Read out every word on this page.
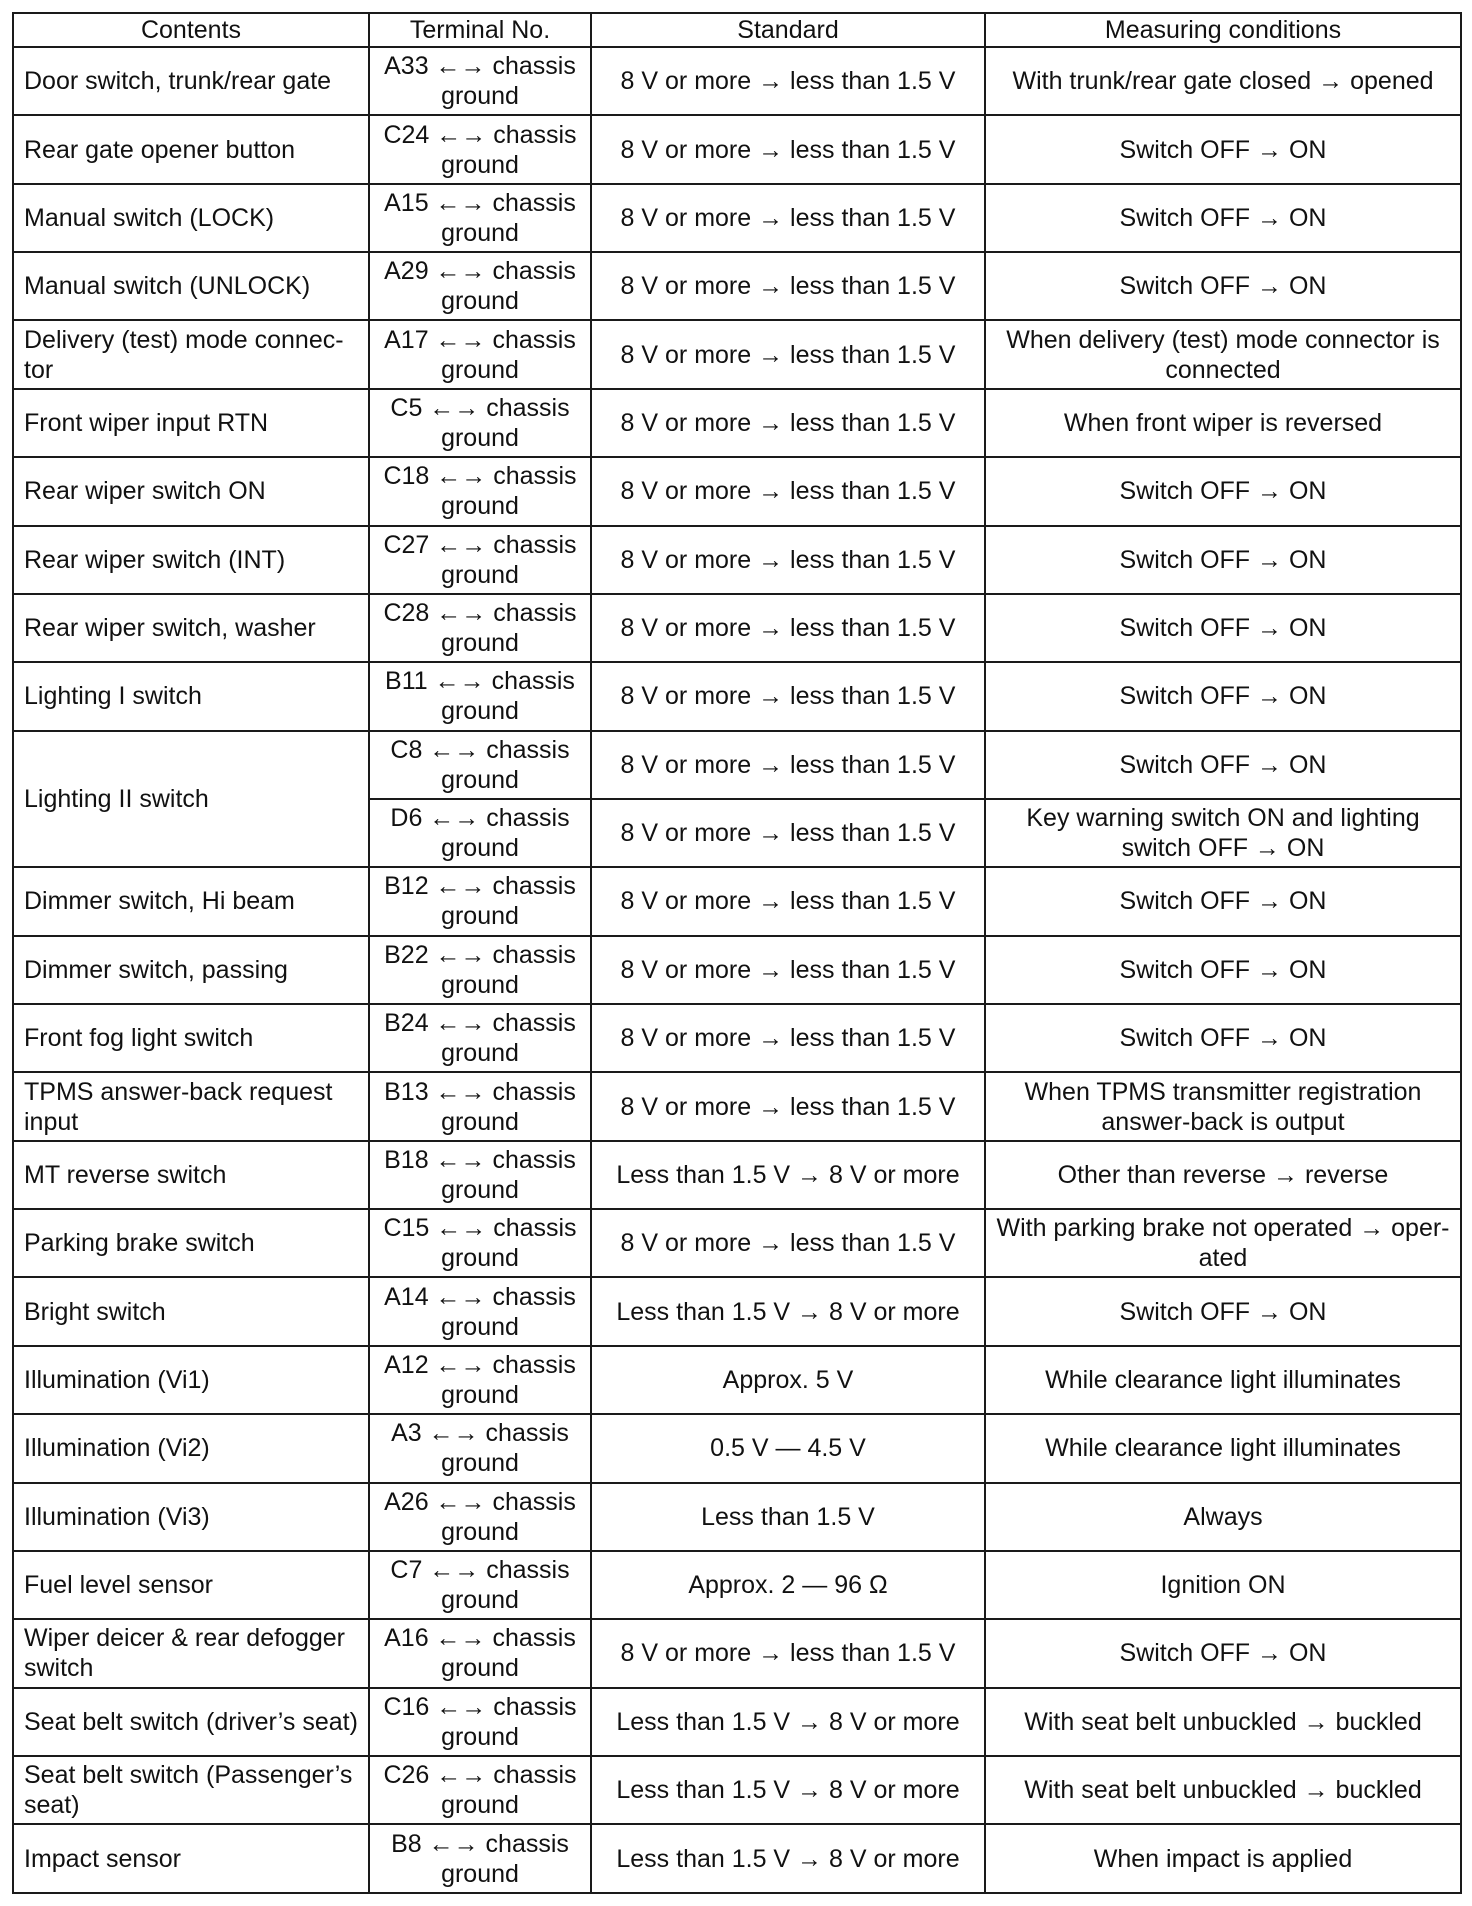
Contents	Terminal No.	Standard	Measuring conditions
Door switch, trunk/rear gate	A33 ←→ chassis ground	8 V or more → less than 1.5 V	With trunk/rear gate closed → opened
Rear gate opener button	C24 ←→ chassis ground	8 V or more → less than 1.5 V	Switch OFF → ON
Manual switch (LOCK)	A15 ←→ chassis ground	8 V or more → less than 1.5 V	Switch OFF → ON
Manual switch (UNLOCK)	A29 ←→ chassis ground	8 V or more → less than 1.5 V	Switch OFF → ON
Delivery (test) mode connec-tor	A17 ←→ chassis ground	8 V or more → less than 1.5 V	When delivery (test) mode connector is connected
Front wiper input RTN	C5 ←→ chassis ground	8 V or more → less than 1.5 V	When front wiper is reversed
Rear wiper switch ON	C18 ←→ chassis ground	8 V or more → less than 1.5 V	Switch OFF → ON
Rear wiper switch (INT)	C27 ←→ chassis ground	8 V or more → less than 1.5 V	Switch OFF → ON
Rear wiper switch, washer	C28 ←→ chassis ground	8 V or more → less than 1.5 V	Switch OFF → ON
Lighting I switch	B11 ←→ chassis ground	8 V or more → less than 1.5 V	Switch OFF → ON
Lighting II switch	C8 ←→ chassis ground	8 V or more → less than 1.5 V	Switch OFF → ON
	D6 ←→ chassis ground	8 V or more → less than 1.5 V	Key warning switch ON and lighting switch OFF → ON
Dimmer switch, Hi beam	B12 ←→ chassis ground	8 V or more → less than 1.5 V	Switch OFF → ON
Dimmer switch, passing	B22 ←→ chassis ground	8 V or more → less than 1.5 V	Switch OFF → ON
Front fog light switch	B24 ←→ chassis ground	8 V or more → less than 1.5 V	Switch OFF → ON
TPMS answer-back request input	B13 ←→ chassis ground	8 V or more → less than 1.5 V	When TPMS transmitter registration answer-back is output
MT reverse switch	B18 ←→ chassis ground	Less than 1.5 V → 8 V or more	Other than reverse → reverse
Parking brake switch	C15 ←→ chassis ground	8 V or more → less than 1.5 V	With parking brake not operated → oper-ated
Bright switch	A14 ←→ chassis ground	Less than 1.5 V → 8 V or more	Switch OFF → ON
Illumination (Vi1)	A12 ←→ chassis ground	Approx. 5 V	While clearance light illuminates
Illumination (Vi2)	A3 ←→ chassis ground	0.5 V — 4.5 V	While clearance light illuminates
Illumination (Vi3)	A26 ←→ chassis ground	Less than 1.5 V	Always
Fuel level sensor	C7 ←→ chassis ground	Approx. 2 — 96 Ω	Ignition ON
Wiper deicer & rear defogger switch	A16 ←→ chassis ground	8 V or more → less than 1.5 V	Switch OFF → ON
Seat belt switch (driver’s seat)	C16 ←→ chassis ground	Less than 1.5 V → 8 V or more	With seat belt unbuckled → buckled
Seat belt switch (Passenger’s seat)	C26 ←→ chassis ground	Less than 1.5 V → 8 V or more	With seat belt unbuckled → buckled
Impact sensor	B8 ←→ chassis ground	Less than 1.5 V → 8 V or more	When impact is applied
